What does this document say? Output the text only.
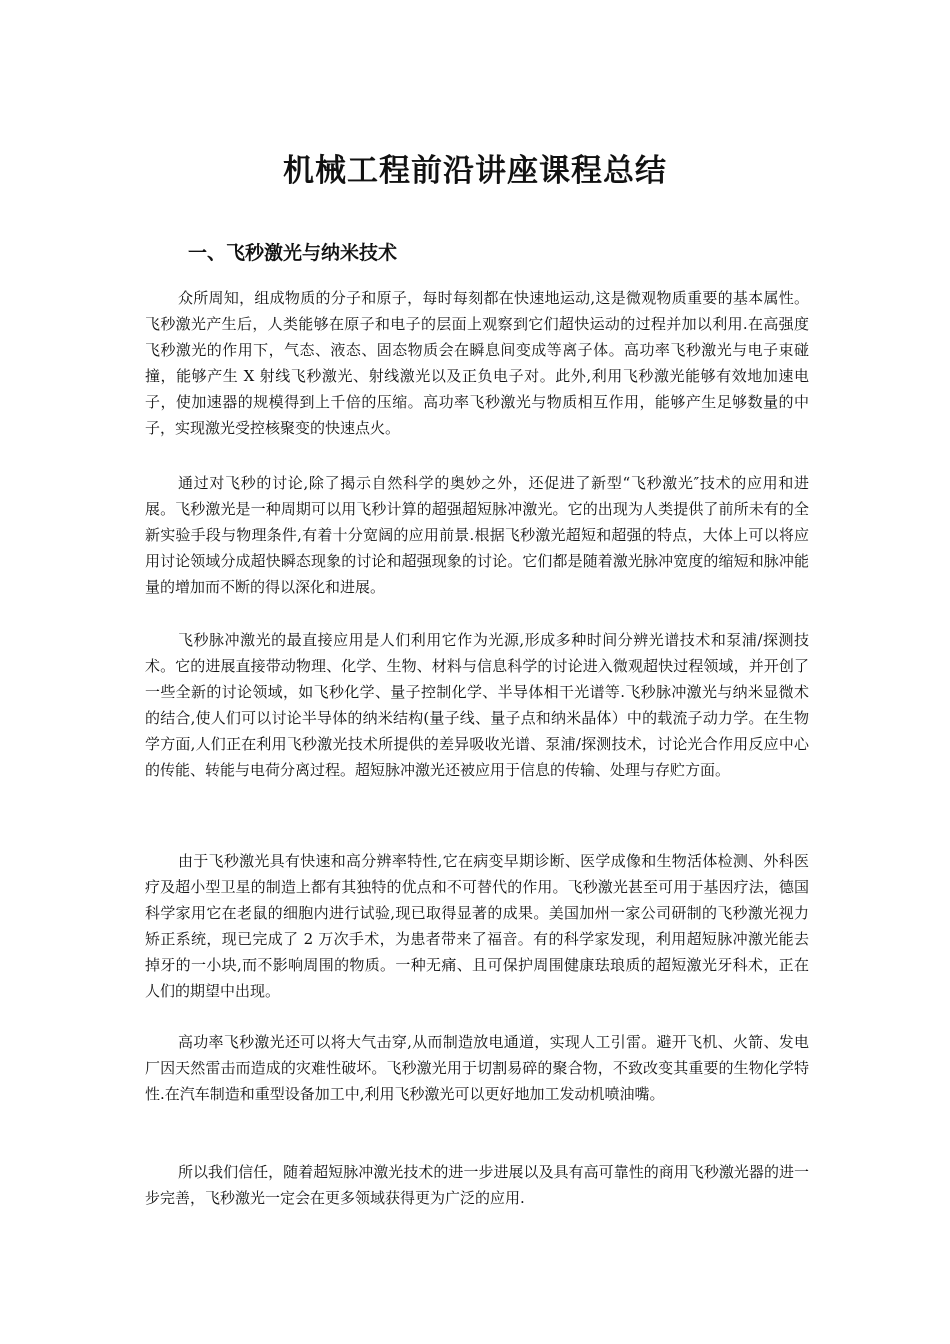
机械工程前沿讲座课程总结
一、飞秒激光与纳米技术

众所周知，组成物质的分子和原子，每时每刻都在快速地运动,这是微观物质重要的基本属性。飞秒激光产生后，人类能够在原子和电子的层面上观察到它们超快运动的过程并加以利用.在高强度飞秒激光的作用下，气态、液态、固态物质会在瞬息间变成等离子体。高功率飞秒激光与电子束碰撞，能够产生 X 射线飞秒激光、射线激光以及正负电子对。此外,利用飞秒激光能够有效地加速电子，使加速器的规模得到上千倍的压缩。高功率飞秒激光与物质相互作用，能够产生足够数量的中子，实现激光受控核聚变的快速点火。

通过对飞秒的讨论,除了揭示自然科学的奥妙之外，还促进了新型“飞秒激光″技术的应用和进展。飞秒激光是一种周期可以用飞秒计算的超强超短脉冲激光。它的出现为人类提供了前所未有的全新实验手段与物理条件,有着十分宽阔的应用前景.根据飞秒激光超短和超强的特点，大体上可以将应用讨论领域分成超快瞬态现象的讨论和超强现象的讨论。它们都是随着激光脉冲宽度的缩短和脉冲能量的增加而不断的得以深化和进展。

飞秒脉冲激光的最直接应用是人们利用它作为光源,形成多种时间分辨光谱技术和泵浦/探测技术。它的进展直接带动物理、化学、生物、材料与信息科学的讨论进入微观超快过程领域，并开创了一些全新的讨论领域，如飞秒化学、量子控制化学、半导体相干光谱等.飞秒脉冲激光与纳米显微术的结合,使人们可以讨论半导体的纳米结构(量子线、量子点和纳米晶体）中的载流子动力学。在生物学方面,人们正在利用飞秒激光技术所提供的差异吸收光谱、泵浦/探测技术，讨论光合作用反应中心的传能、转能与电荷分离过程。超短脉冲激光还被应用于信息的传输、处理与存贮方面。

由于飞秒激光具有快速和高分辨率特性,它在病变早期诊断、医学成像和生物活体检测、外科医疗及超小型卫星的制造上都有其独特的优点和不可替代的作用。飞秒激光甚至可用于基因疗法，德国科学家用它在老鼠的细胞内进行试验,现已取得显著的成果。美国加州一家公司研制的飞秒激光视力矫正系统，现已完成了 2 万次手术，为患者带来了福音。有的科学家发现，利用超短脉冲激光能去掉牙的一小块,而不影响周围的物质。一种无痛、且可保护周围健康珐琅质的超短激光牙科术，正在人们的期望中出现。

高功率飞秒激光还可以将大气击穿,从而制造放电通道，实现人工引雷。避开飞机、火箭、发电厂因天然雷击而造成的灾难性破坏。飞秒激光用于切割易碎的聚合物，不致改变其重要的生物化学特性.在汽车制造和重型设备加工中,利用飞秒激光可以更好地加工发动机喷油嘴。

所以我们信任，随着超短脉冲激光技术的进一步进展以及具有高可靠性的商用飞秒激光器的进一步完善，飞秒激光一定会在更多领域获得更为广泛的应用.
